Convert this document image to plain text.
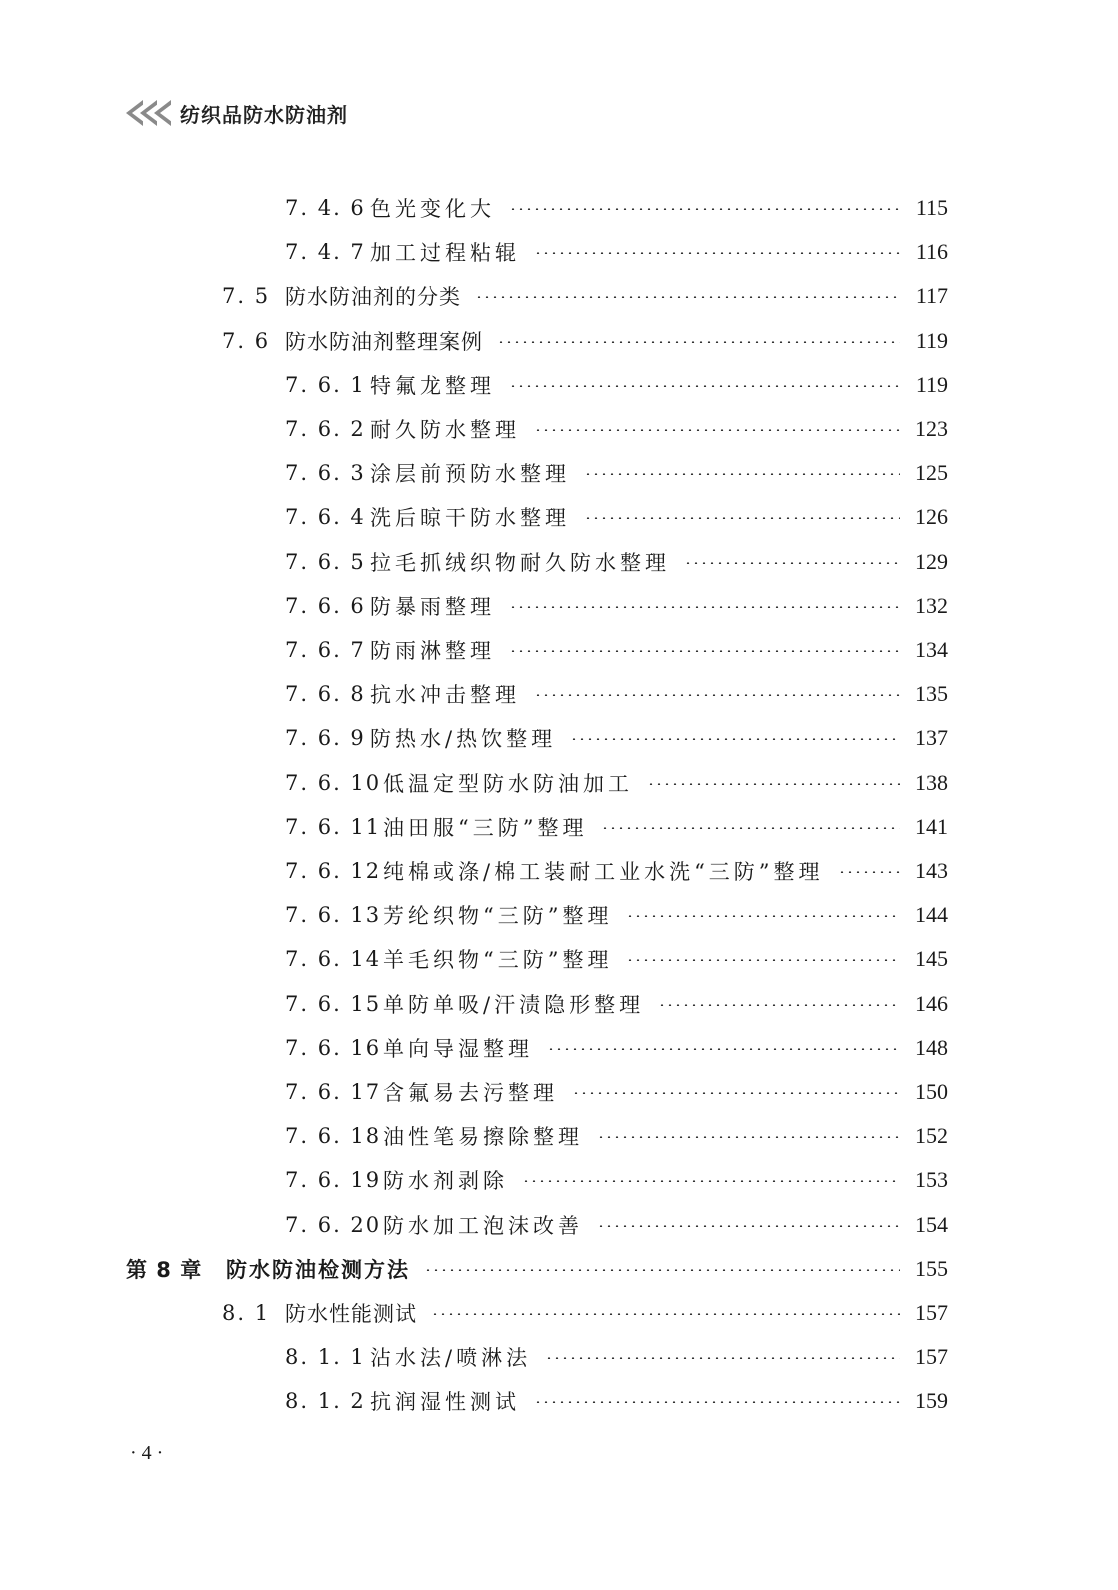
纺织品防水防油剂
7. 4. 6 色光变化大	115
7. 4. 7 加工过程粘辊	116
7. 5 防水防油剂的分类	117
7. 6 防水防油剂整理案例	119
7. 6. 1 特氟龙整理	119
7. 6. 2 耐久防水整理	123
7. 6. 3 涂层前预防水整理	125
7. 6. 4 洗后晾干防水整理	126
7. 6. 5 拉毛抓绒织物耐久防水整理	129
7. 6. 6 防暴雨整理	132
7. 6. 7 防雨淋整理	134
7. 6. 8 抗水冲击整理	135
7. 6. 9 防热水/热饮整理	137
7. 6. 10 低温定型防水防油加工	138
7. 6. 11 油田服“三防”整理	141
7. 6. 12 纯棉或涤/棉工装耐工业水洗“三防”整理	143
7. 6. 13 芳纶织物“三防”整理	144
7. 6. 14 羊毛织物“三防”整理	145
7. 6. 15 单防单吸/汗渍隐形整理	146
7. 6. 16 单向导湿整理	148
7. 6. 17 含氟易去污整理	150
7. 6. 18 油性笔易擦除整理	152
7. 6. 19 防水剂剥除	153
7. 6. 20 防水加工泡沫改善	154
第 8 章 防水防油检测方法	155
8. 1 防水性能测试	157
8. 1. 1 沾水法/喷淋法	157
8. 1. 2 抗润湿性测试	159
· 4 ·
